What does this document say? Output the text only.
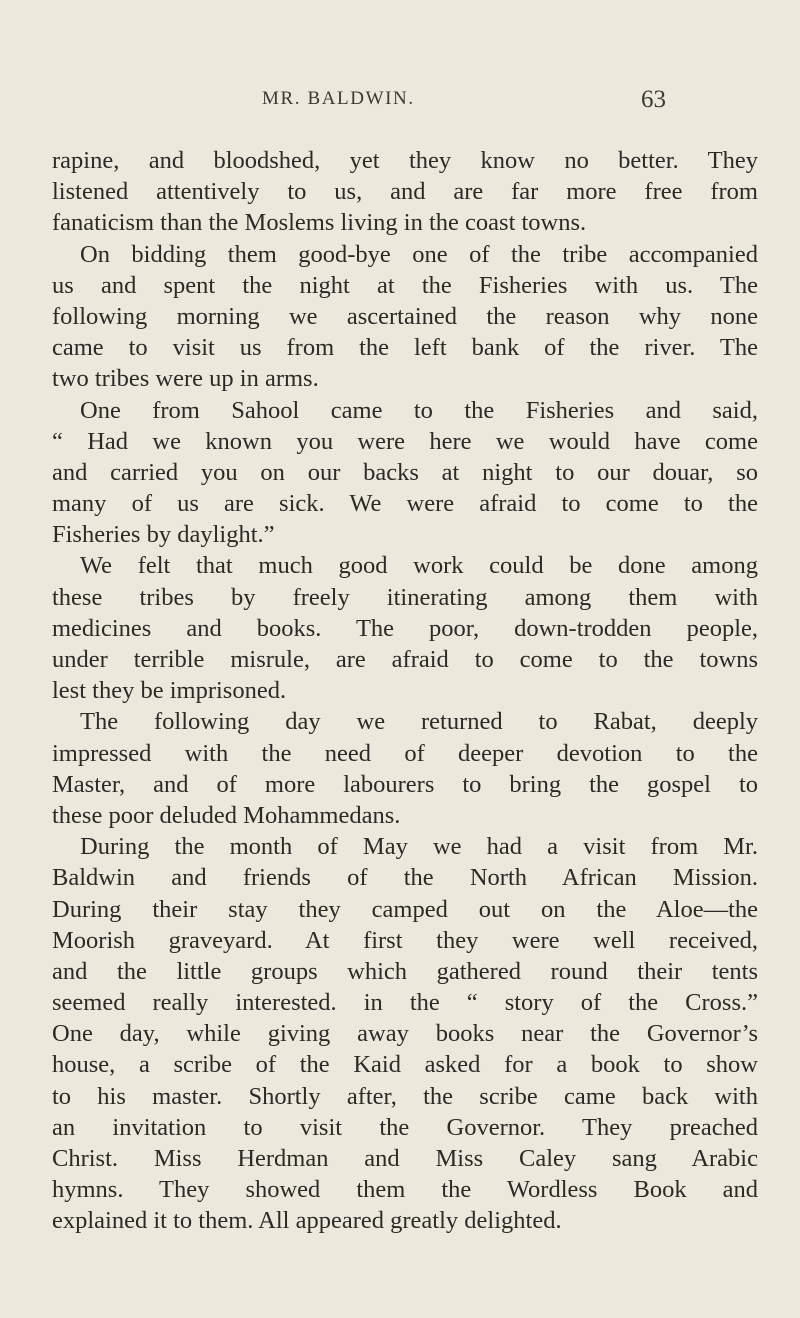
MR. BALDWIN.	63
rapine, and bloodshed, yet they know no better. They
listened attentively to us, and are far more free from
fanaticism than the Moslems living in the coast towns.
On bidding them good-bye one of the tribe accompanied
us and spent the night at the Fisheries with us. The
following morning we ascertained the reason why none
came to visit us from the left bank of the river. The
two tribes were up in arms.
One from Sahool came to the Fisheries and said,
“ Had we known you were here we would have come
and carried you on our backs at night to our douar, so
many of us are sick. We were afraid to come to the
Fisheries by daylight.”
We felt that much good work could be done among
these tribes by freely itinerating among them with
medicines and books. The poor, down-trodden people,
under terrible misrule, are afraid to come to the towns
lest they be imprisoned.
The following day we returned to Rabat, deeply
impressed with the need of deeper devotion to the
Master, and of more labourers to bring the gospel to
these poor deluded Mohammedans.
During the month of May we had a visit from Mr.
Baldwin and friends of the North African Mission.
During their stay they camped out on the Aloe—the
Moorish graveyard. At first they were well received,
and the little groups which gathered round their tents
seemed really interested. in the “ story of the Cross.”
One day, while giving away books near the Governor’s
house, a scribe of the Kaid asked for a book to show
to his master. Shortly after, the scribe came back with
an invitation to visit the Governor. They preached
Christ. Miss Herdman and Miss Caley sang Arabic
hymns. They showed them the Wordless Book and
explained it to them. All appeared greatly delighted.
